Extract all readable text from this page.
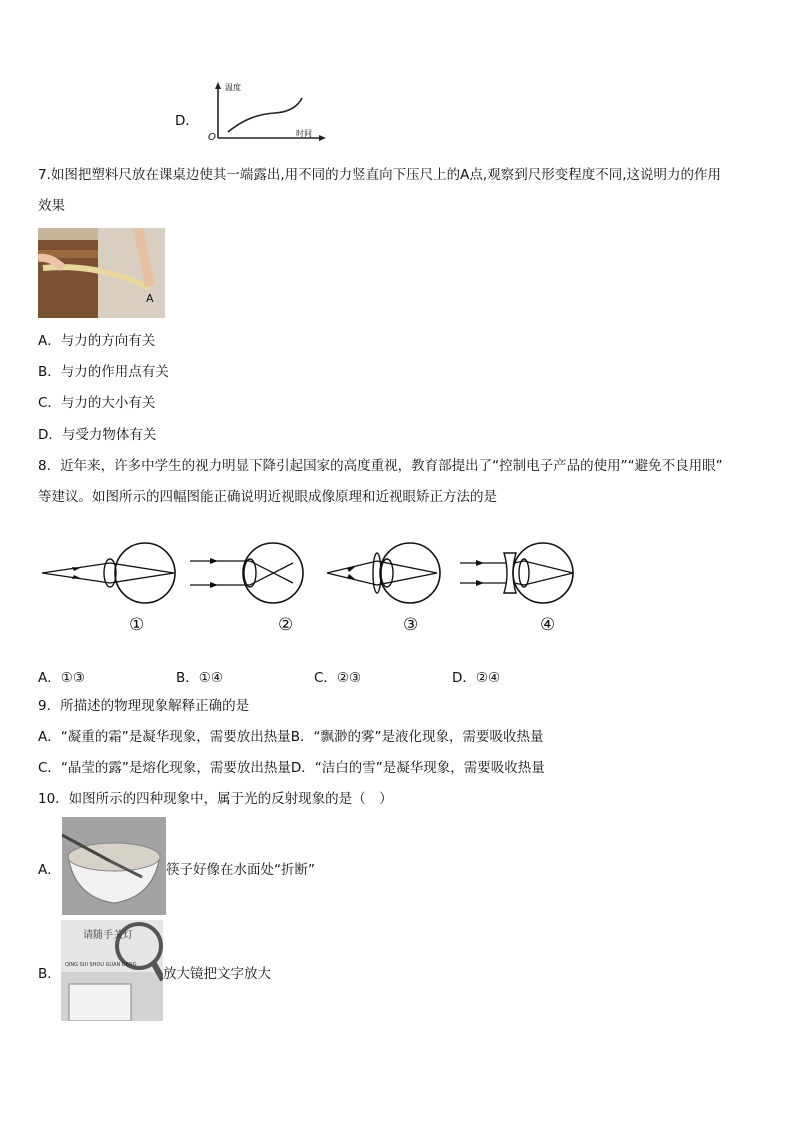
D．
温度
时间
O
7.如图把塑料尺放在课桌边使其一端露出,用不同的力竖直向下压尺上的A点,观察到尺形变程度不同,这说明力的作用
效果
A
A．与力的方向有关
B．与力的作用点有关
C．与力的大小有关
D．与受力物体有关
8．近年来，许多中学生的视力明显下降引起国家的高度重视，教育部提出了“控制电子产品的使用”“避免不良用眼”
等建议。如图所示的四幅图能正确说明近视眼成像原理和近视眼矫正方法的是
①	②	③	④
A．①③	B．①④	C．②③	D．②④
9．所描述的物理现象解释正确的是
A．“凝重的霜”是凝华现象，需要放出热量B．“飘渺的雾”是液化现象，需要吸收热量
C．“晶莹的露”是熔化现象，需要放出热量D．“洁白的雪”是凝华现象，需要吸收热量
10．如图所示的四种现象中，属于光的反射现象的是（　）
A．	筷子好像在水面处“折断”
B．
请随手关灯
QING SUI SHOU GUAN DENG
放大镜把文字放大
